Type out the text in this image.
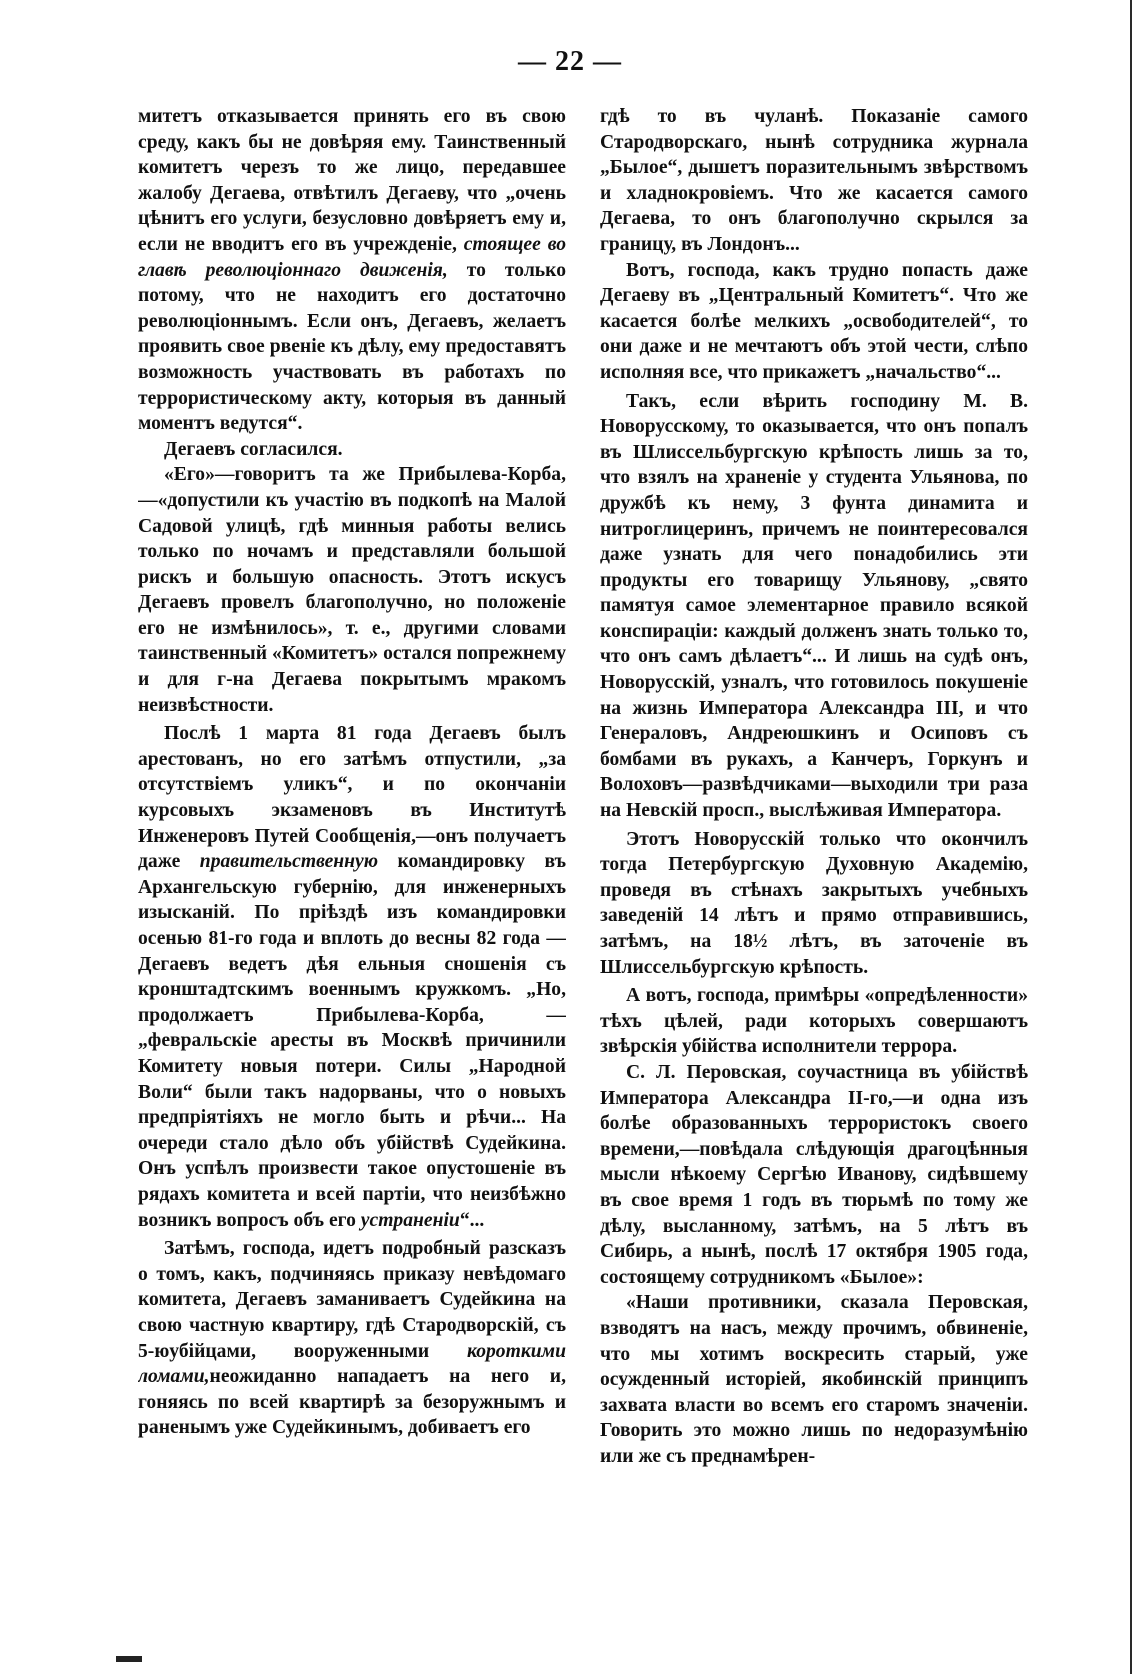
— 22 —

митетъ отказывается принять его въ свою среду, какъ бы не довѣряя ему. Таинственный комитетъ черезъ то же лицо, передавшее жалобу Дегаева, отвѣтилъ Дегаеву, что „очень цѣнитъ его услуги, безусловно довѣряетъ ему и, если не вводитъ его въ учрежденіе, стоящее во главѣ революціоннаго движенія, то только потому, что не находитъ его достаточно революціоннымъ. Если онъ, Дегаевъ, желаетъ проявить свое рвеніе къ дѣлу, ему предоставятъ возможность участвовать въ работахъ по террористическому акту, которыя въ данный моментъ ведутся“.

Дегаевъ согласился.

«Его»—говоритъ та же Прибылева-Корба,—«допустили къ участію въ подкопѣ на Малой Садовой улицѣ, гдѣ минныя работы велись только по ночамъ и представляли большой рискъ и большую опасность. Этотъ искусъ Дегаевъ провелъ благополучно, но положеніе его не измѣнилось», т. е., другими словами таинственный «Комитетъ» остался попрежнему и для г-на Дегаева покрытымъ мракомъ неизвѣстности.

Послѣ 1 марта 81 года Дегаевъ былъ арестованъ, но его затѣмъ отпустили, „за отсутствіемъ уликъ“, и по окончаніи курсовыхъ экзаменовъ въ Институтѣ Инженеровъ Путей Сообщенія,—онъ получаетъ даже правительственную командировку въ Архангельскую губернію, для инженерныхъ изысканій. По пріѣздѣ изъ командировки осенью 81-го года и вплоть до весны 82 года — Дегаевъ ведетъ дѣя ельныя сношенія съ кронштадтскимъ военнымъ кружкомъ. „Но, продолжаетъ Прибылева-Корба, — „февральскіе аресты въ Москвѣ причинили Комитету новыя потери. Силы „Народной Воли“ были такъ надорваны, что о новыхъ предпріятіяхъ не могло быть и рѣчи... На очереди стало дѣло объ убійствѣ Судейкина. Онъ успѣлъ произвести такое опустошеніе въ рядахъ комитета и всей партіи, что неизбѣжно возникъ вопросъ объ его устраненіи“...

Затѣмъ, господа, идетъ подробный разсказъ о томъ, какъ, подчиняясь приказу невѣдомаго комитета, Дегаевъ заманиваетъ Судейкина на свою частную квартиру, гдѣ Стародворскій, съ 5-юубійцами, вооруженными короткими ломами,неожиданно нападаетъ на него и, гоняясь по всей квартирѣ за безоружнымъ и раненымъ уже Судейкинымъ, добиваетъ его

гдѣ то въ чуланѣ. Показаніе самого Стародворскаго, нынѣ сотрудника журнала „Былое“, дышетъ поразительнымъ звѣрствомъ и хладнокровіемъ. Что же касается самого Дегаева, то онъ благополучно скрылся за границу, въ Лондонъ...

Вотъ, господа, какъ трудно попасть даже Дегаеву въ „Центральный Комитетъ“. Что же касается болѣе мелкихъ „освободителей“, то они даже и не мечтаютъ объ этой чести, слѣпо исполняя все, что прикажетъ „начальство“...

Такъ, если вѣрить господину М. В. Новорусскому, то оказывается, что онъ попалъ въ Шлиссельбургскую крѣпость лишь за то, что взялъ на храненіе у студента Ульянова, по дружбѣ къ нему, 3 фунта динамита и нитроглицеринъ, причемъ не поинтересовался даже узнать для чего понадобились эти продукты его товарищу Ульянову, „свято памятуя самое элементарное правило всякой конспираціи: каждый долженъ знать только то, что онъ самъ дѣлаетъ“... И лишь на судѣ онъ, Новорусскій, узналъ, что готовилось покушеніе на жизнь Императора Александра III, и что Генераловъ, Андреюшкинъ и Осиповъ съ бомбами въ рукахъ, а Канчеръ, Горкунъ и Волоховъ—развѣдчиками—выходили три раза на Невскій просп., выслѣживая Императора.

Этотъ Новорусскій только что окончилъ тогда Петербургскую Духовную Академію, проведя въ стѣнахъ закрытыхъ учебныхъ заведеній 14 лѣтъ и прямо отправившись, затѣмъ, на 18½ лѣтъ, въ заточеніе въ Шлиссельбургскую крѣпость.

А вотъ, господа, примѣры «опредѣленности» тѣхъ цѣлей, ради которыхъ совершаютъ звѣрскія убійства исполнители террора.

С. Л. Перовская, соучастница въ убійствѣ Императора Александра II-го,—и одна изъ болѣе образованныхъ террористокъ своего времени,—повѣдала слѣдующія драгоцѣнныя мысли нѣкоему Сергѣю Иванову, сидѣвшему въ свое время 1 годъ въ тюрьмѣ по тому же дѣлу, высланному, затѣмъ, на 5 лѣтъ въ Сибирь, а нынѣ, послѣ 17 октября 1905 года, состоящему сотрудникомъ «Былое»:

«Наши противники, сказала Перовская, взводятъ на насъ, между прочимъ, обвиненіе, что мы хотимъ воскресить старый, уже осужденный исторіей, якобинскій принципъ захвата власти во всемъ его старомъ значеніи. Говорить это можно лишь по недоразумѣнію или же съ преднамѣрен-
